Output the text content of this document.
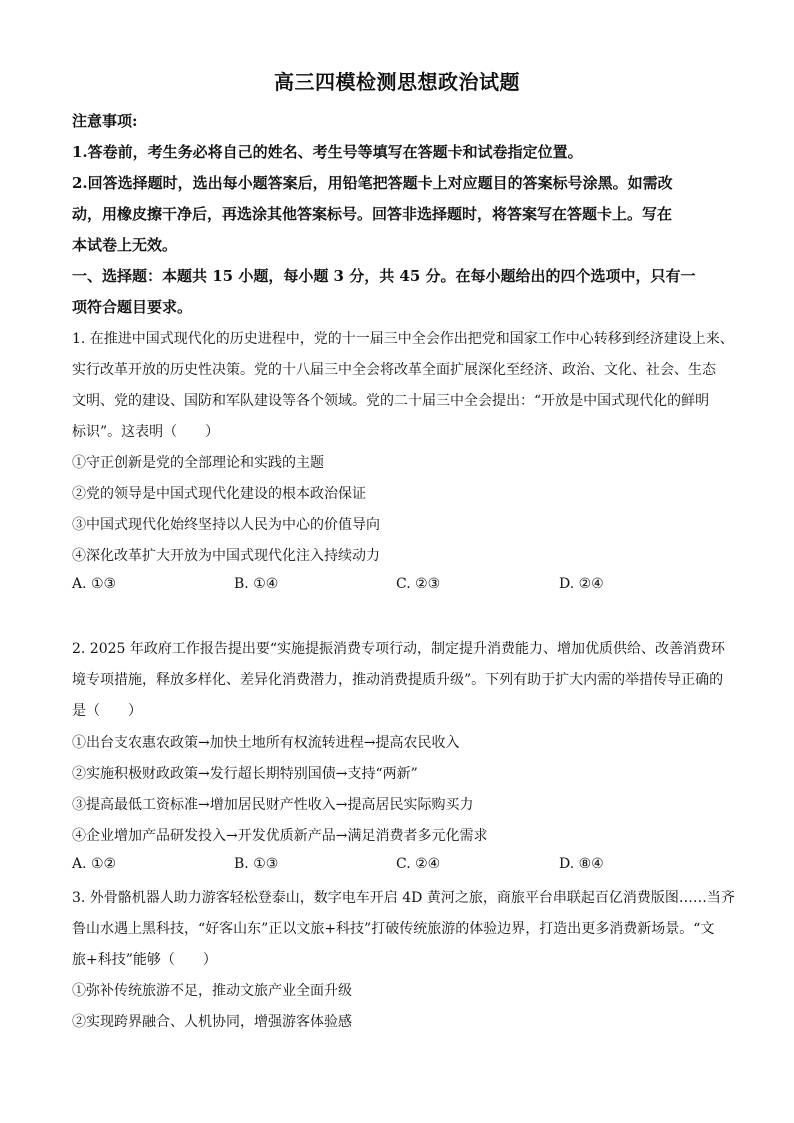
高三四模检测思想政治试题
注意事项:
1.答卷前，考生务必将自己的姓名、考生号等填写在答题卡和试卷指定位置。
2.回答选择题时，选出每小题答案后，用铅笔把答题卡上对应题目的答案标号涂黑。如需改
动，用橡皮擦干净后，再选涂其他答案标号。回答非选择题时，将答案写在答题卡上。写在
本试卷上无效。
一、选择题：本题共 15 小题，每小题 3 分，共 45 分。在每小题给出的四个选项中，只有一
项符合题目要求。
1. 在推进中国式现代化的历史进程中，党的十一届三中全会作出把党和国家工作中心转移到经济建设上来、
实行改革开放的历史性决策。党的十八届三中全会将改革全面扩展深化至经济、政治、文化、社会、生态
文明、党的建设、国防和军队建设等各个领域。党的二十届三中全会提出：“开放是中国式现代化的鲜明
标识”。这表明（　　）
①守正创新是党的全部理论和实践的主题
②党的领导是中国式现代化建设的根本政治保证
③中国式现代化始终坚持以人民为中心的价值导向
④深化改革扩大开放为中国式现代化注入持续动力
A. ①③	B. ①④	C. ②③	D. ②④
2. 2025 年政府工作报告提出要“实施提振消费专项行动，制定提升消费能力、增加优质供给、改善消费环
境专项措施，释放多样化、差异化消费潜力，推动消费提质升级”。下列有助于扩大内需的举措传导正确的
是（　　）
①出台支农惠农政策→加快土地所有权流转进程→提高农民收入
②实施积极财政政策→发行超长期特别国债→支持“两新”
③提高最低工资标准→增加居民财产性收入→提高居民实际购买力
④企业增加产品研发投入→开发优质新产品→满足消费者多元化需求
A. ①②	B. ①③	C. ②④	D. ⑧④
3. 外骨骼机器人助力游客轻松登泰山，数字电车开启 4D 黄河之旅，商旅平台串联起百亿消费版图……当齐
鲁山水遇上黑科技，“好客山东”正以文旅+科技”打破传统旅游的体验边界，打造出更多消费新场景。“文
旅+科技”能够（　　）
①弥补传统旅游不足，推动文旅产业全面升级
②实现跨界融合、人机协同，增强游客体验感
